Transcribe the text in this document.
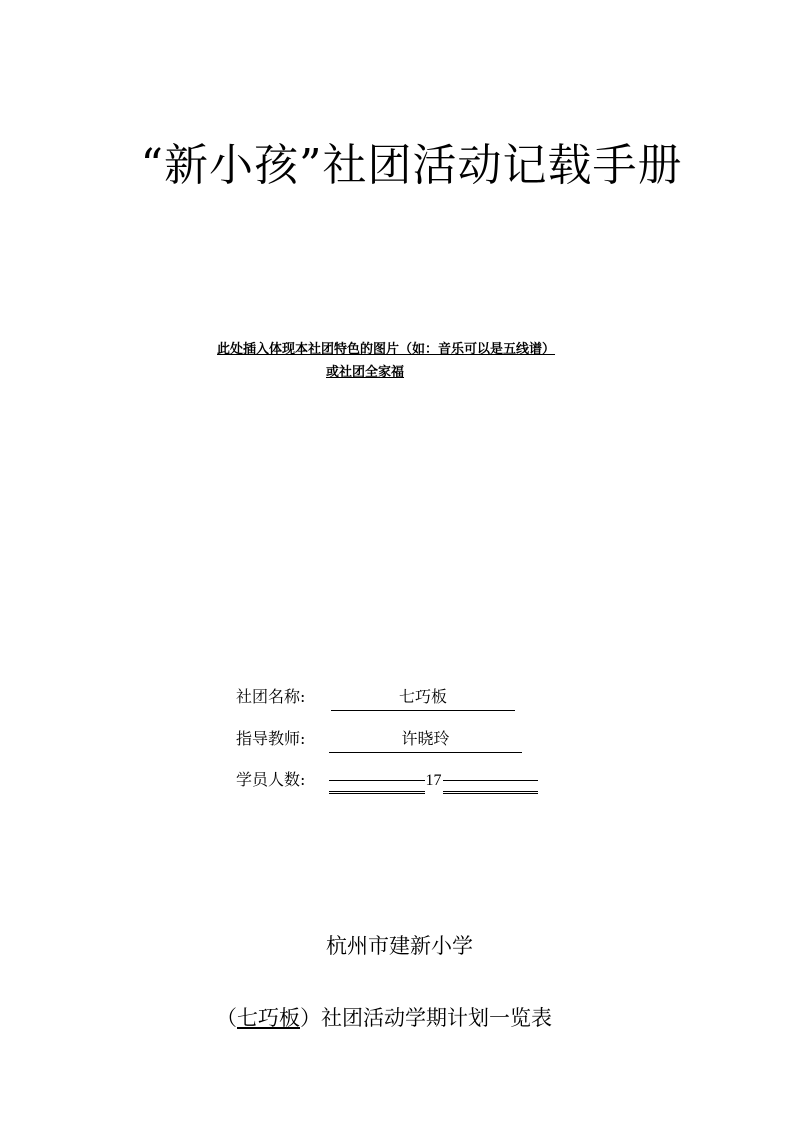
“新小孩”社团活动记载手册
此处插入体现本社团特色的图片（如：音乐可以是五线谱）
或社团全家福
社团名称:	七巧板
指导教师:	许晓玲
学员人数:	17
杭州市建新小学
（七巧板）社团活动学期计划一览表
